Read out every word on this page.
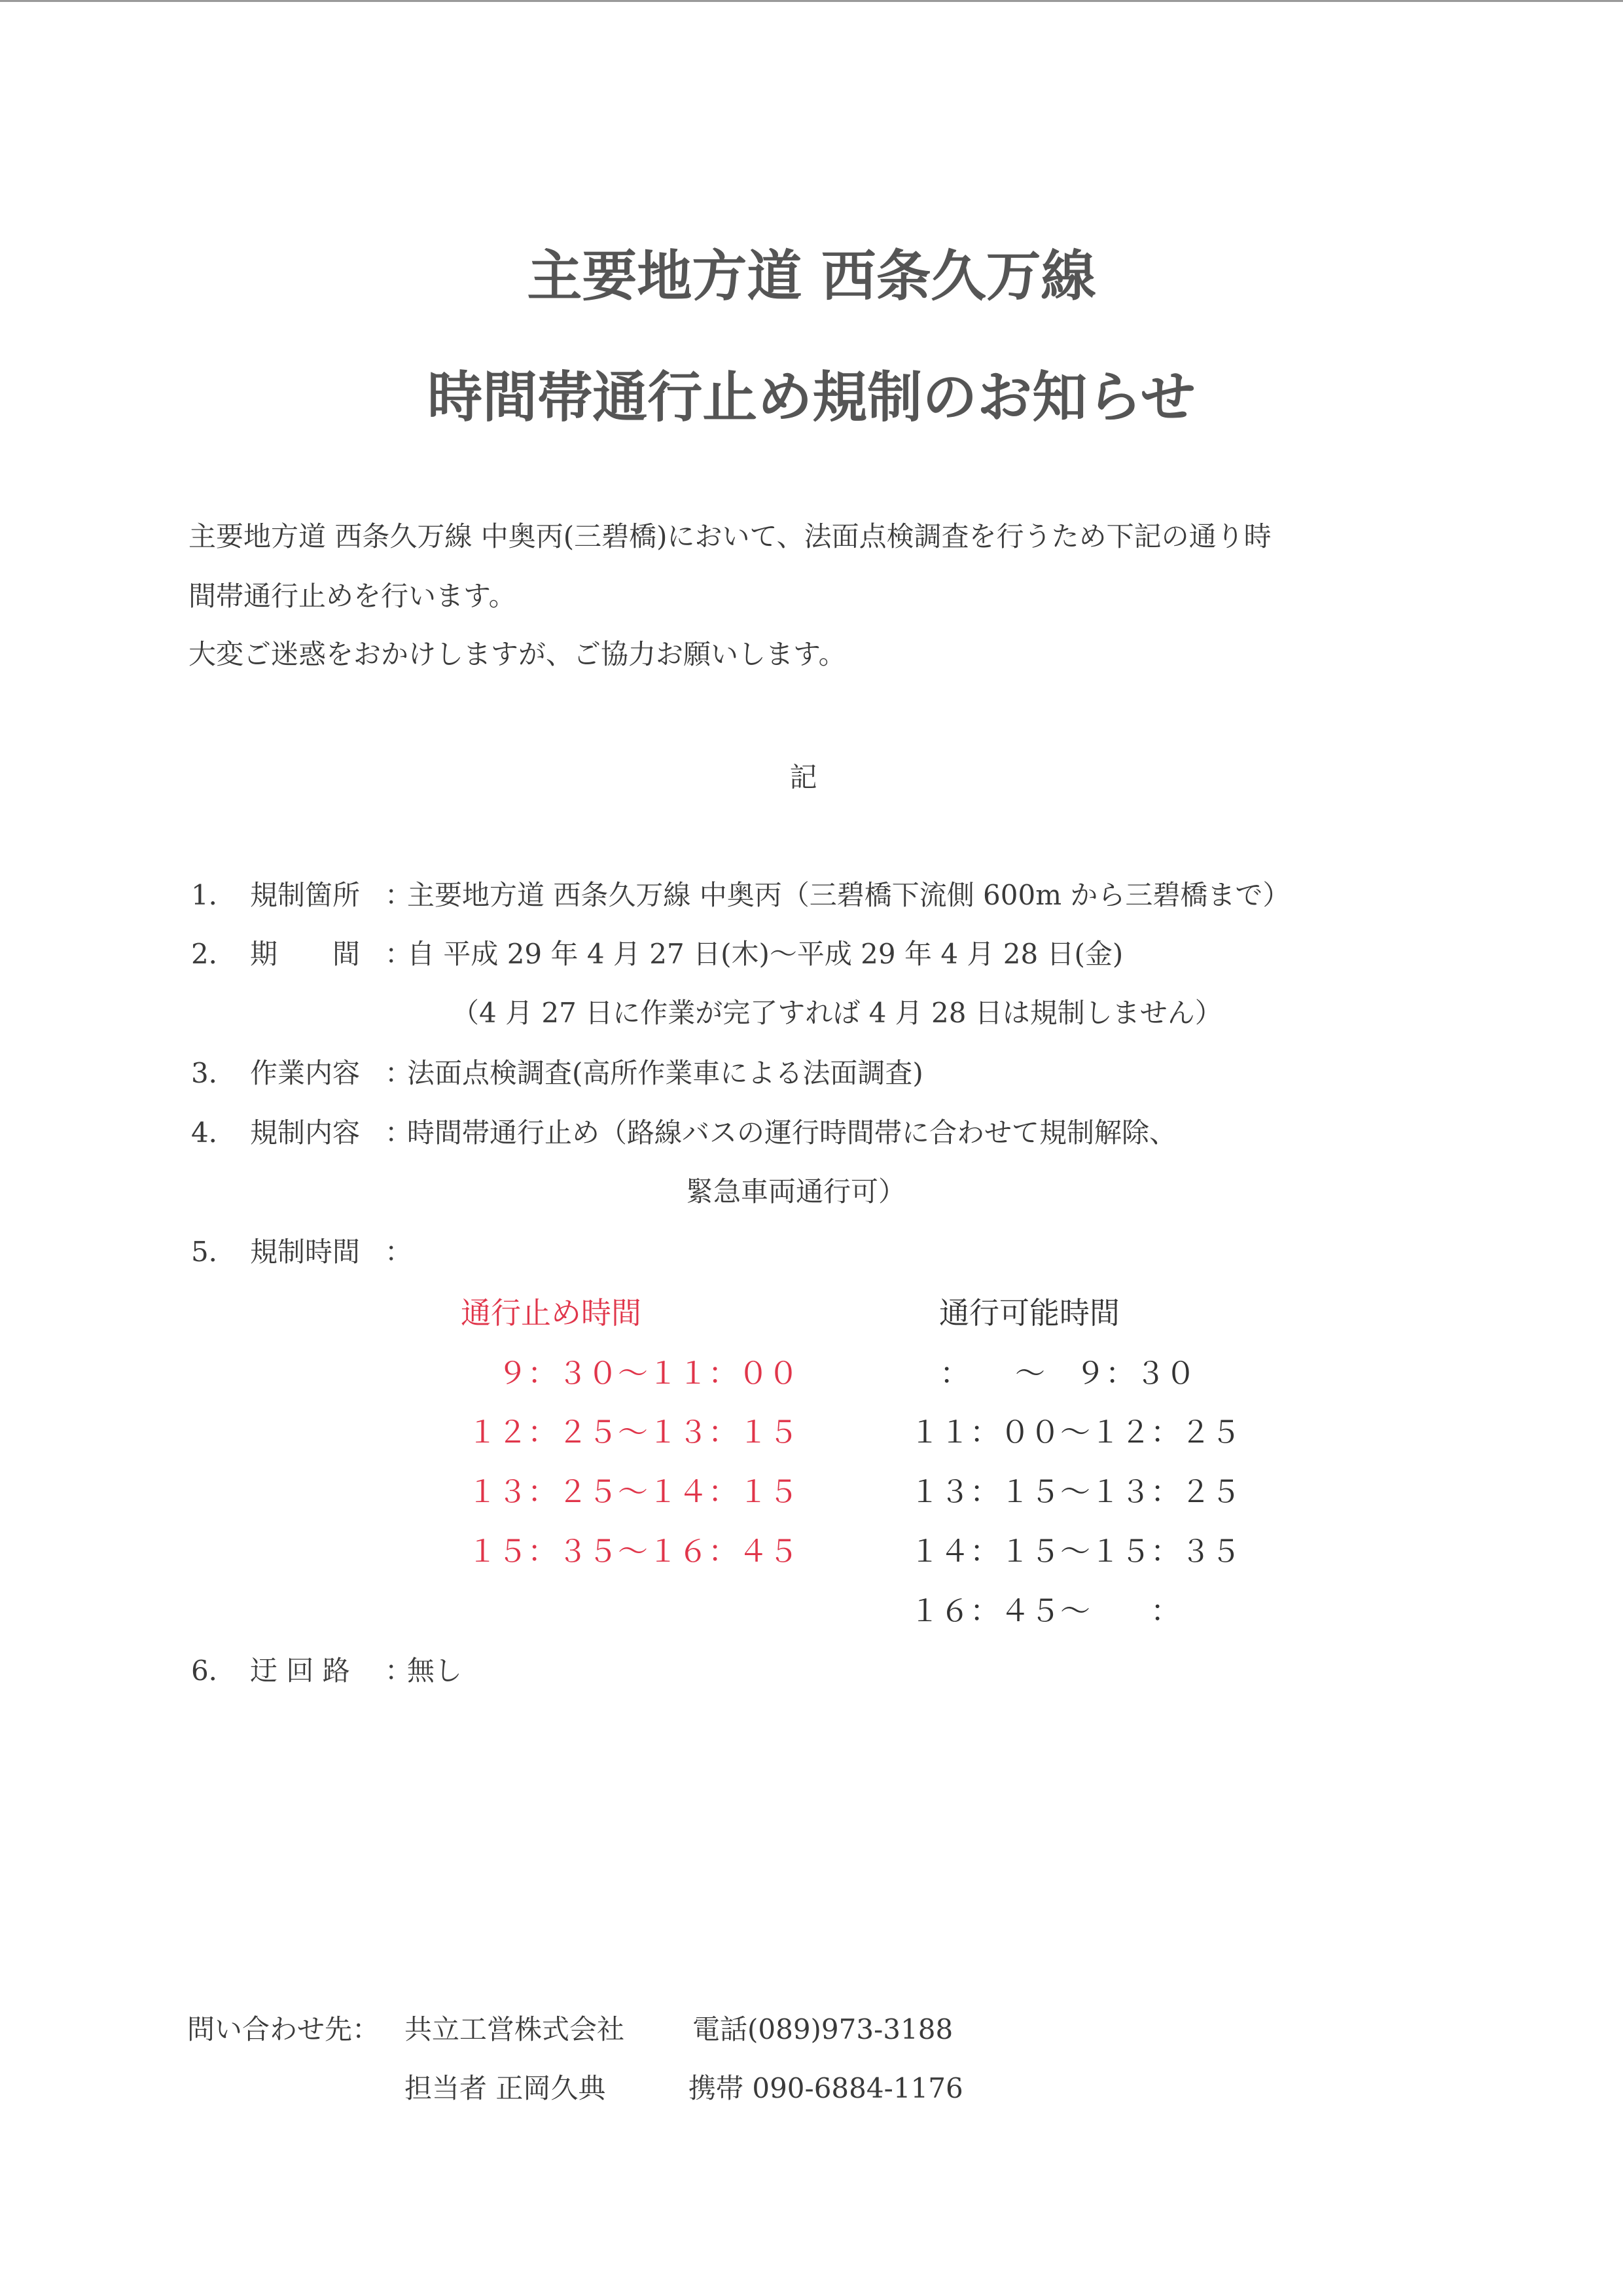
主要地方道 西条久万線
時間帯通行止め規制のお知らせ
主要地方道 西条久万線 中奥丙(三碧橋)において、法面点検調査を行うため下記の通り時
間帯通行止めを行います。
大変ご迷惑をおかけしますが、ご協力お願いします。
記
1． 規制箇所 ：
主要地方道 西条久万線 中奥丙（三碧橋下流側 600m から三碧橋まで）
2． 期　　間 ：
自 平成 29 年 4 月 27 日(木)～平成 29 年 4 月 28 日(金)
（4 月 27 日に作業が完了すれば 4 月 28 日は規制しません）
3． 作業内容 ：
法面点検調査(高所作業車による法面調査)
4． 規制内容 ：
時間帯通行止め（路線バスの運行時間帯に合わせて規制解除、
緊急車両通行可）
5． 規制時間 ：
通行止め時間	通行可能時間
９：３０～１１：００
１２：２５～１３：１５
１３：２５～１４：１５
１５：３５～１６：４５
　：　　～　９：３０
１１：００～１２：２５
１３：１５～１３：２５
１４：１５～１５：３５
１６：４５～　　：
6． 迂 回 路 ：
無し
問い合わせ先： 共立工営株式会社 電話(089)973-3188
担当者 正岡久典	携帯 090-6884-1176
